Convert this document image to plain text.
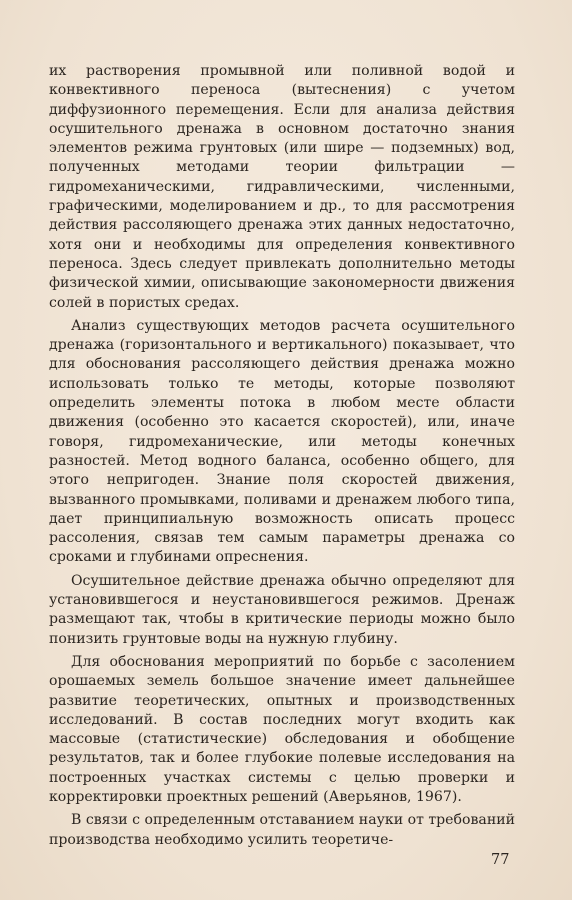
их растворения промывной или поливной водой и конвективного переноса (вытеснения) с учетом диффузионного перемещения. Если для анализа действия осушительного дренажа в основном достаточно знания элементов режима грунтовых (или шире — подземных) вод, полученных методами теории фильтрации — гидромеханическими, гидравлическими, численными, графическими, моделированием и др., то для рассмотрения действия рассоляющего дренажа этих данных недостаточно, хотя они и необходимы для определения конвективного переноса. Здесь следует привлекать дополнительно методы физической химии, описывающие закономерности движения солей в пористых средах.

Анализ существующих методов расчета осушительного дренажа (горизонтального и вертикального) показывает, что для обоснования рассоляющего действия дренажа можно использовать только те методы, которые позволяют определить элементы потока в любом месте области движения (особенно это касается скоростей), или, иначе говоря, гидромеханические, или методы конечных разностей. Метод водного баланса, особенно общего, для этого непригоден. Знание поля скоростей движения, вызванного промывками, поливами и дренажем любого типа, дает принципиальную возможность описать процесс рассоления, связав тем самым параметры дренажа со сроками и глубинами опреснения.

Осушительное действие дренажа обычно определяют для установившегося и неустановившегося режимов. Дренаж размещают так, чтобы в критические периоды можно было понизить грунтовые воды на нужную глубину.

Для обоснования мероприятий по борьбе с засолением орошаемых земель большое значение имеет дальнейшее развитие теоретических, опытных и производственных исследований. В состав последних могут входить как массовые (статистические) обследования и обобщение результатов, так и более глубокие полевые исследования на построенных участках системы с целью проверки и корректировки проектных решений (Аверьянов, 1967).

В связи с определенным отставанием науки от требований производства необходимо усилить теоретиче-

77
